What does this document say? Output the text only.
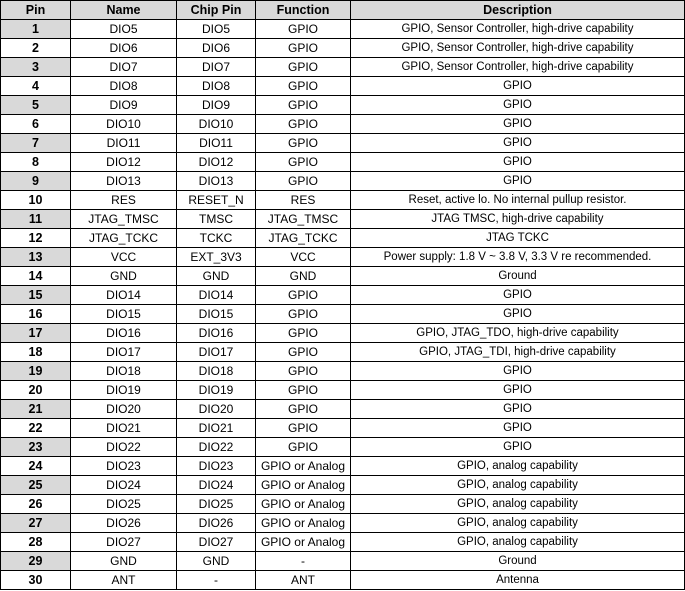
Pin	Name	Chip Pin	Function	Description
1	DIO5	DIO5	GPIO	GPIO, Sensor Controller, high-drive capability
2	DIO6	DIO6	GPIO	GPIO, Sensor Controller, high-drive capability
3	DIO7	DIO7	GPIO	GPIO, Sensor Controller, high-drive capability
4	DIO8	DIO8	GPIO	GPIO
5	DIO9	DIO9	GPIO	GPIO
6	DIO10	DIO10	GPIO	GPIO
7	DIO11	DIO11	GPIO	GPIO
8	DIO12	DIO12	GPIO	GPIO
9	DIO13	DIO13	GPIO	GPIO
10	RES	RESET_N	RES	Reset, active lo. No internal pullup resistor.
11	JTAG_TMSC	TMSC	JTAG_TMSC	JTAG TMSC, high-drive capability
12	JTAG_TCKC	TCKC	JTAG_TCKC	JTAG TCKC
13	VCC	EXT_3V3	VCC	Power supply: 1.8 V ~ 3.8 V, 3.3 V re recommended.
14	GND	GND	GND	Ground
15	DIO14	DIO14	GPIO	GPIO
16	DIO15	DIO15	GPIO	GPIO
17	DIO16	DIO16	GPIO	GPIO, JTAG_TDO, high-drive capability
18	DIO17	DIO17	GPIO	GPIO, JTAG_TDI, high-drive capability
19	DIO18	DIO18	GPIO	GPIO
20	DIO19	DIO19	GPIO	GPIO
21	DIO20	DIO20	GPIO	GPIO
22	DIO21	DIO21	GPIO	GPIO
23	DIO22	DIO22	GPIO	GPIO
24	DIO23	DIO23	GPIO or Analog	GPIO, analog capability
25	DIO24	DIO24	GPIO or Analog	GPIO, analog capability
26	DIO25	DIO25	GPIO or Analog	GPIO, analog capability
27	DIO26	DIO26	GPIO or Analog	GPIO, analog capability
28	DIO27	DIO27	GPIO or Analog	GPIO, analog capability
29	GND	GND	-	Ground
30	ANT	-	ANT	Antenna
